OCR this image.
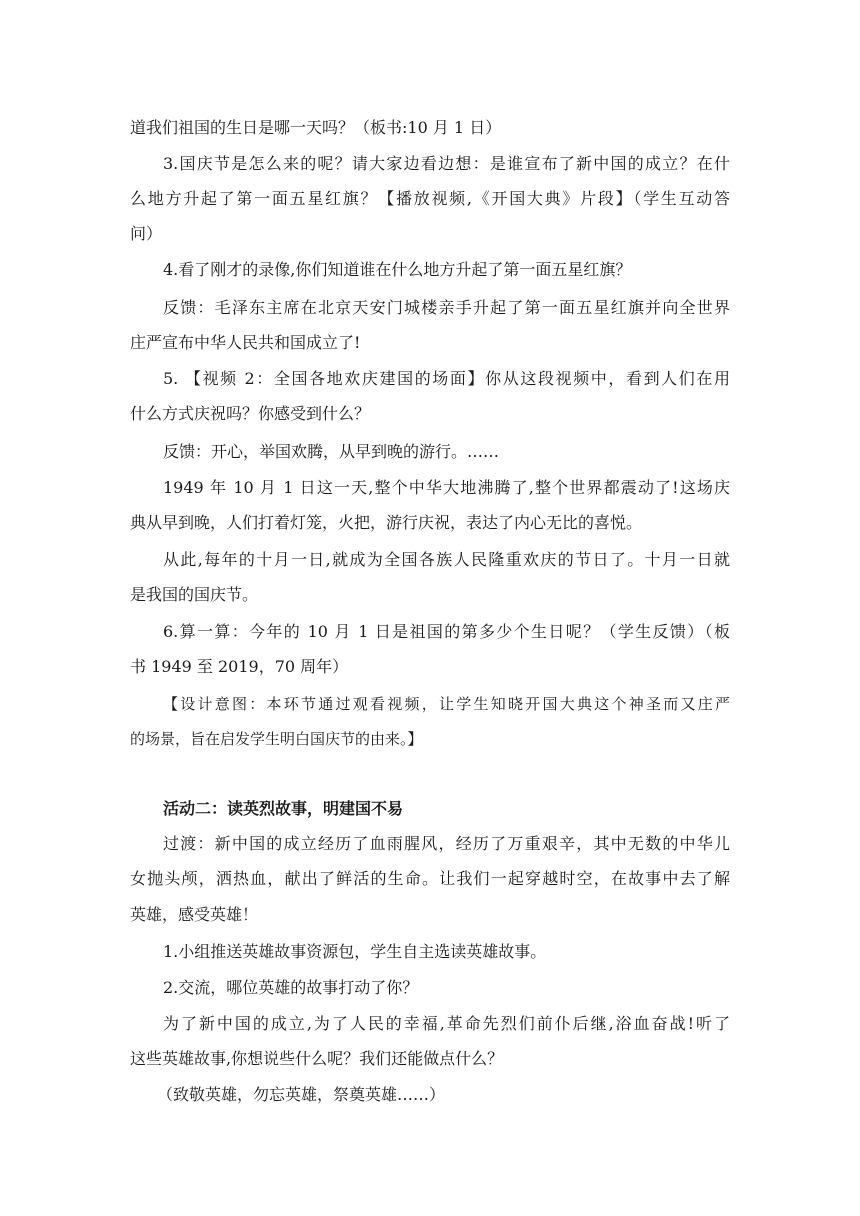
道我们祖国的生日是哪一天吗？（板书:10 月 1 日）
3.国庆节是怎么来的呢？请大家边看边想：是谁宣布了新中国的成立？在什
么地方升起了第一面五星红旗？【播放视频,《开国大典》片段】（学生互动答
问）
4.看了刚才的录像,你们知道谁在什么地方升起了第一面五星红旗？
反馈：毛泽东主席在北京天安门城楼亲手升起了第一面五星红旗并向全世界
庄严宣布中华人民共和国成立了!
5. 【视频 2：全国各地欢庆建国的场面】你从这段视频中，看到人们在用
什么方式庆祝吗？你感受到什么？
反馈：开心，举国欢腾，从早到晚的游行。……
1949 年 10 月 1 日这一天,整个中华大地沸腾了,整个世界都震动了!这场庆
典从早到晚，人们打着灯笼，火把，游行庆祝，表达了内心无比的喜悦。
从此,每年的十月一日,就成为全国各族人民隆重欢庆的节日了。十月一日就
是我国的国庆节。
6.算一算：今年的 10 月 1 日是祖国的第多少个生日呢？（学生反馈）（板
书 1949 至 2019，70 周年）
【设计意图：本环节通过观看视频，让学生知晓开国大典这个神圣而又庄严
的场景，旨在启发学生明白国庆节的由来。】
活动二：读英烈故事，明建国不易
过渡：新中国的成立经历了血雨腥风，经历了万重艰辛，其中无数的中华儿
女抛头颅，洒热血，献出了鲜活的生命。让我们一起穿越时空，在故事中去了解
英雄，感受英雄！
1.小组推送英雄故事资源包，学生自主选读英雄故事。
2.交流，哪位英雄的故事打动了你？
为了新中国的成立,为了人民的幸福,革命先烈们前仆后继,浴血奋战!听了
这些英雄故事,你想说些什么呢？我们还能做点什么？
（致敬英雄，勿忘英雄，祭奠英雄……）
